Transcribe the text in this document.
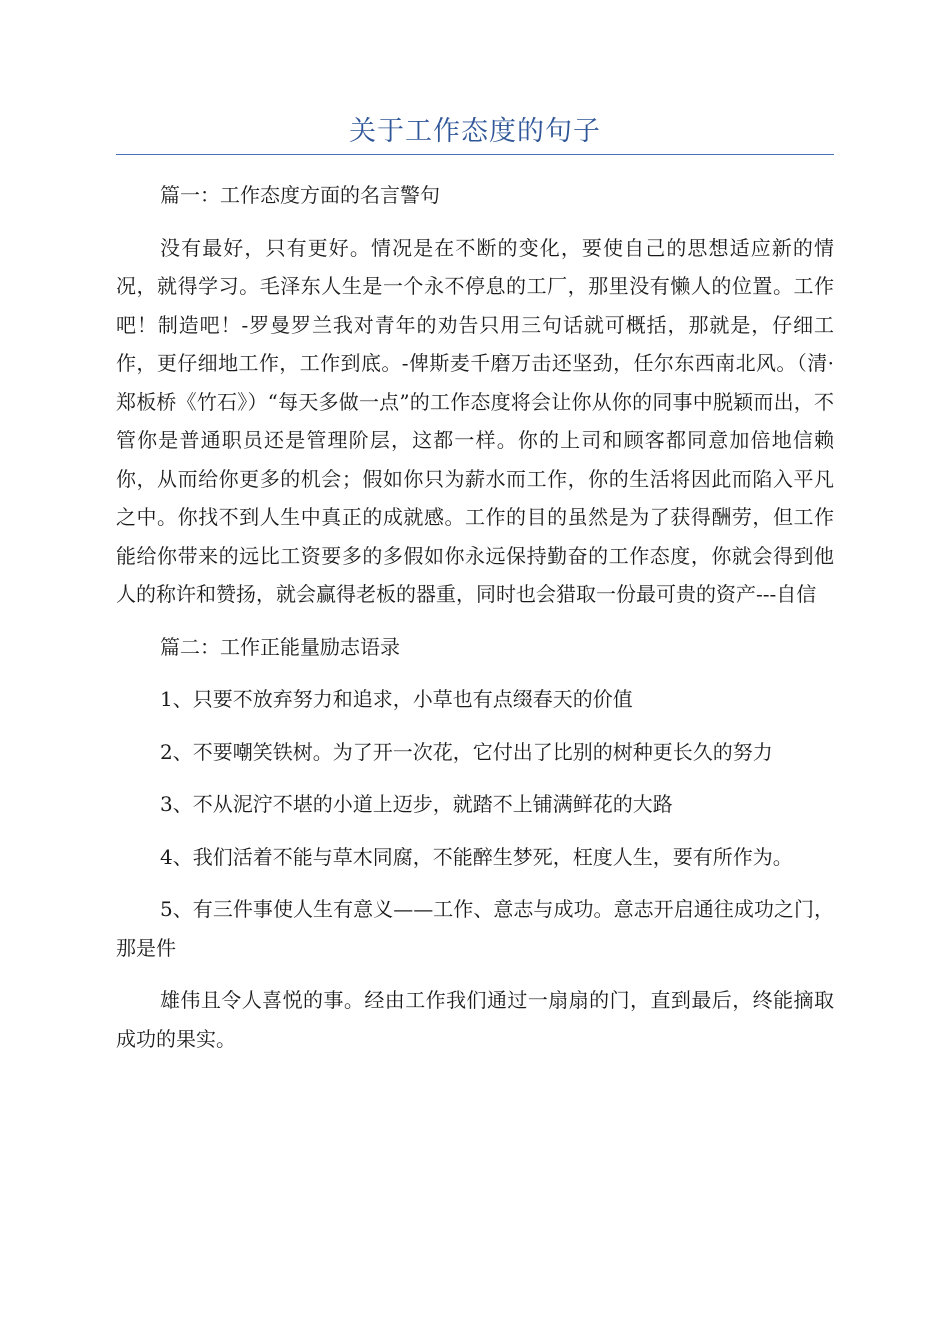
关于工作态度的句子

篇一：工作态度方面的名言警句

没有最好，只有更好。情况是在不断的变化，要使自己的思想适应新的情况，就得学习。毛泽东人生是一个永不停息的工厂，那里没有懒人的位置。工作吧！制造吧！-罗曼罗兰我对青年的劝告只用三句话就可概括，那就是，仔细工作，更仔细地工作，工作到底。-俾斯麦千磨万击还坚劲，任尔东西南北风。（清·郑板桥《竹石》）“每天多做一点”的工作态度将会让你从你的同事中脱颖而出，不管你是普通职员还是管理阶层，这都一样。你的上司和顾客都同意加倍地信赖你，从而给你更多的机会；假如你只为薪水而工作，你的生活将因此而陷入平凡之中。你找不到人生中真正的成就感。工作的目的虽然是为了获得酬劳，但工作能给你带来的远比工资要多的多假如你永远保持勤奋的工作态度，你就会得到他人的称许和赞扬，就会赢得老板的器重，同时也会猎取一份最可贵的资产---自信

篇二：工作正能量励志语录

1、只要不放弃努力和追求，小草也有点缀春天的价值

2、不要嘲笑铁树。为了开一次花，它付出了比别的树种更长久的努力

3、不从泥泞不堪的小道上迈步，就踏不上铺满鲜花的大路

4、我们活着不能与草木同腐，不能醉生梦死，枉度人生，要有所作为。

5、有三件事使人生有意义——工作、意志与成功。意志开启通往成功之门，那是件

雄伟且令人喜悦的事。经由工作我们通过一扇扇的门，直到最后，终能摘取成功的果实。
